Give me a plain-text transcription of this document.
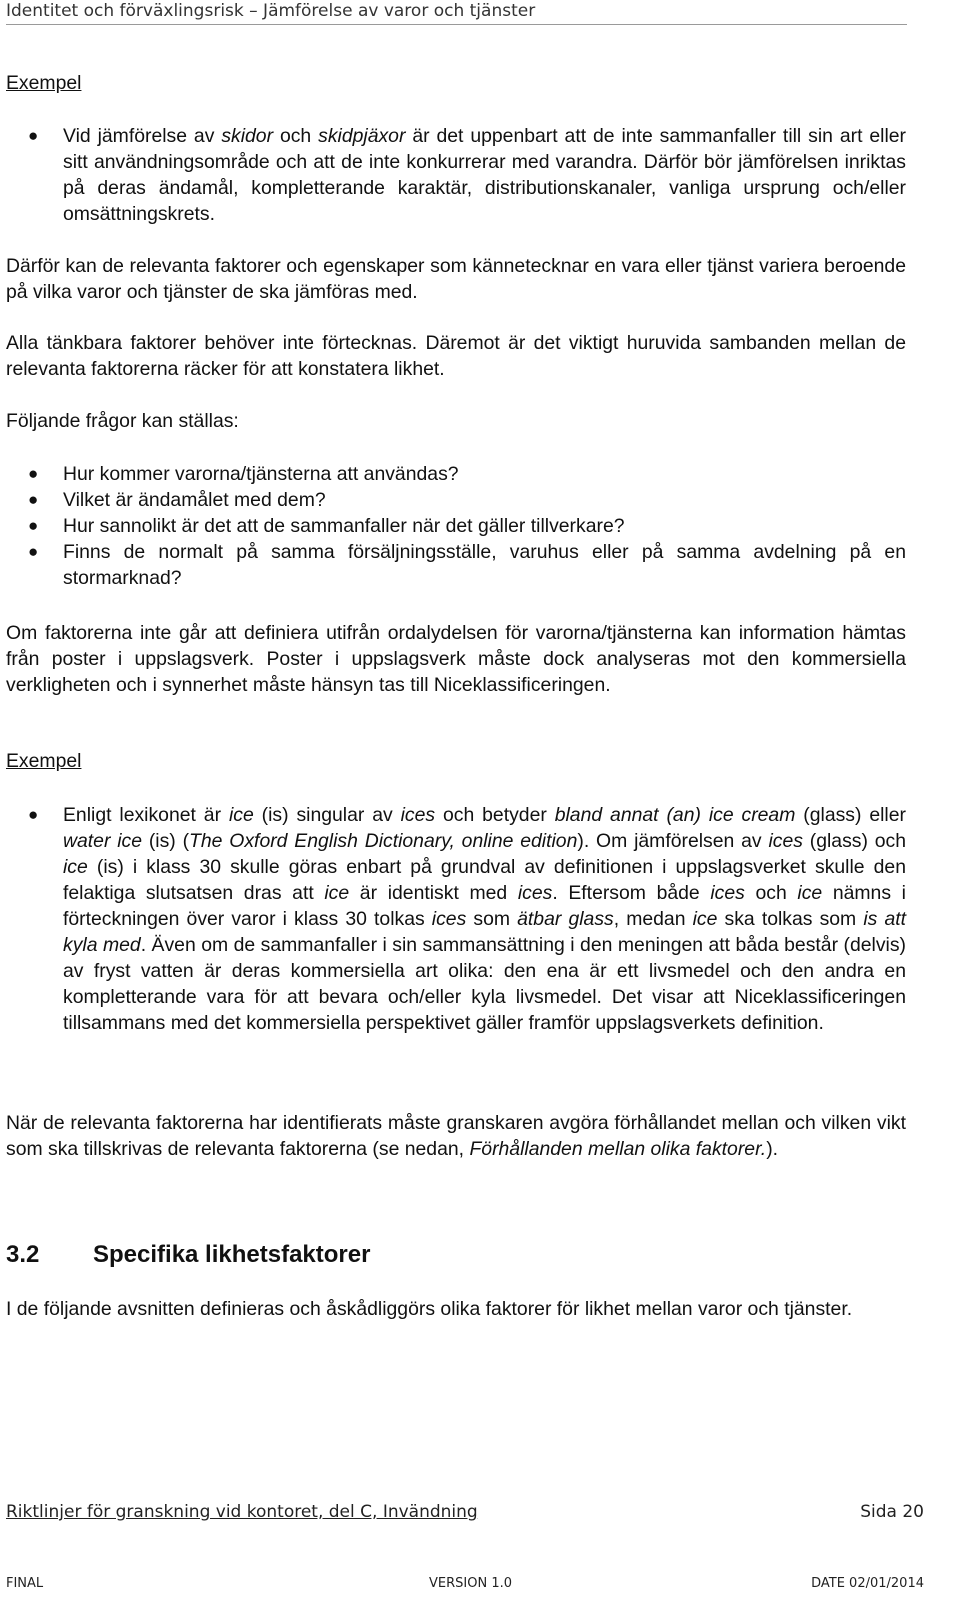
Identitet och förväxlingsrisk – Jämförelse av varor och tjänster

Exempel

● Vid jämförelse av skidor och skidpjäxor är det uppenbart att de inte sammanfaller till sin art eller sitt användningsområde och att de inte konkurrerar med varandra. Därför bör jämförelsen inriktas på deras ändamål, kompletterande karaktär, distributionskanaler, vanliga ursprung och/eller omsättningskrets.

Därför kan de relevanta faktorer och egenskaper som kännetecknar en vara eller tjänst variera beroende på vilka varor och tjänster de ska jämföras med.

Alla tänkbara faktorer behöver inte förtecknas. Däremot är det viktigt huruvida sambanden mellan de relevanta faktorerna räcker för att konstatera likhet.

Följande frågor kan ställas:

● Hur kommer varorna/tjänsterna att användas?
● Vilket är ändamålet med dem?
● Hur sannolikt är det att de sammanfaller när det gäller tillverkare?
● Finns de normalt på samma försäljningsställe, varuhus eller på samma avdelning på en stormarknad?

Om faktorerna inte går att definiera utifrån ordalydelsen för varorna/tjänsterna kan information hämtas från poster i uppslagsverk. Poster i uppslagsverk måste dock analyseras mot den kommersiella verkligheten och i synnerhet måste hänsyn tas till Niceklassificeringen.

Exempel

● Enligt lexikonet är ice (is) singular av ices och betyder bland annat (an) ice cream (glass) eller water ice (is) (The Oxford English Dictionary, online edition). Om jämförelsen av ices (glass) och ice (is) i klass 30 skulle göras enbart på grundval av definitionen i uppslagsverket skulle den felaktiga slutsatsen dras att ice är identiskt med ices. Eftersom både ices och ice nämns i förteckningen över varor i klass 30 tolkas ices som ätbar glass, medan ice ska tolkas som is att kyla med. Även om de sammanfaller i sin sammansättning i den meningen att båda består (delvis) av fryst vatten är deras kommersiella art olika: den ena är ett livsmedel och den andra en kompletterande vara för att bevara och/eller kyla livsmedel. Det visar att Niceklassificeringen tillsammans med det kommersiella perspektivet gäller framför uppslagsverkets definition.

När de relevanta faktorerna har identifierats måste granskaren avgöra förhållandet mellan och vilken vikt som ska tillskrivas de relevanta faktorerna (se nedan, Förhållanden mellan olika faktorer.).

3.2 Specifika likhetsfaktorer

I de följande avsnitten definieras och åskådliggörs olika faktorer för likhet mellan varor och tjänster.

Riktlinjer för granskning vid kontoret, del C, Invändning	Sida 20
FINAL	VERSION 1.0	DATE 02/01/2014
